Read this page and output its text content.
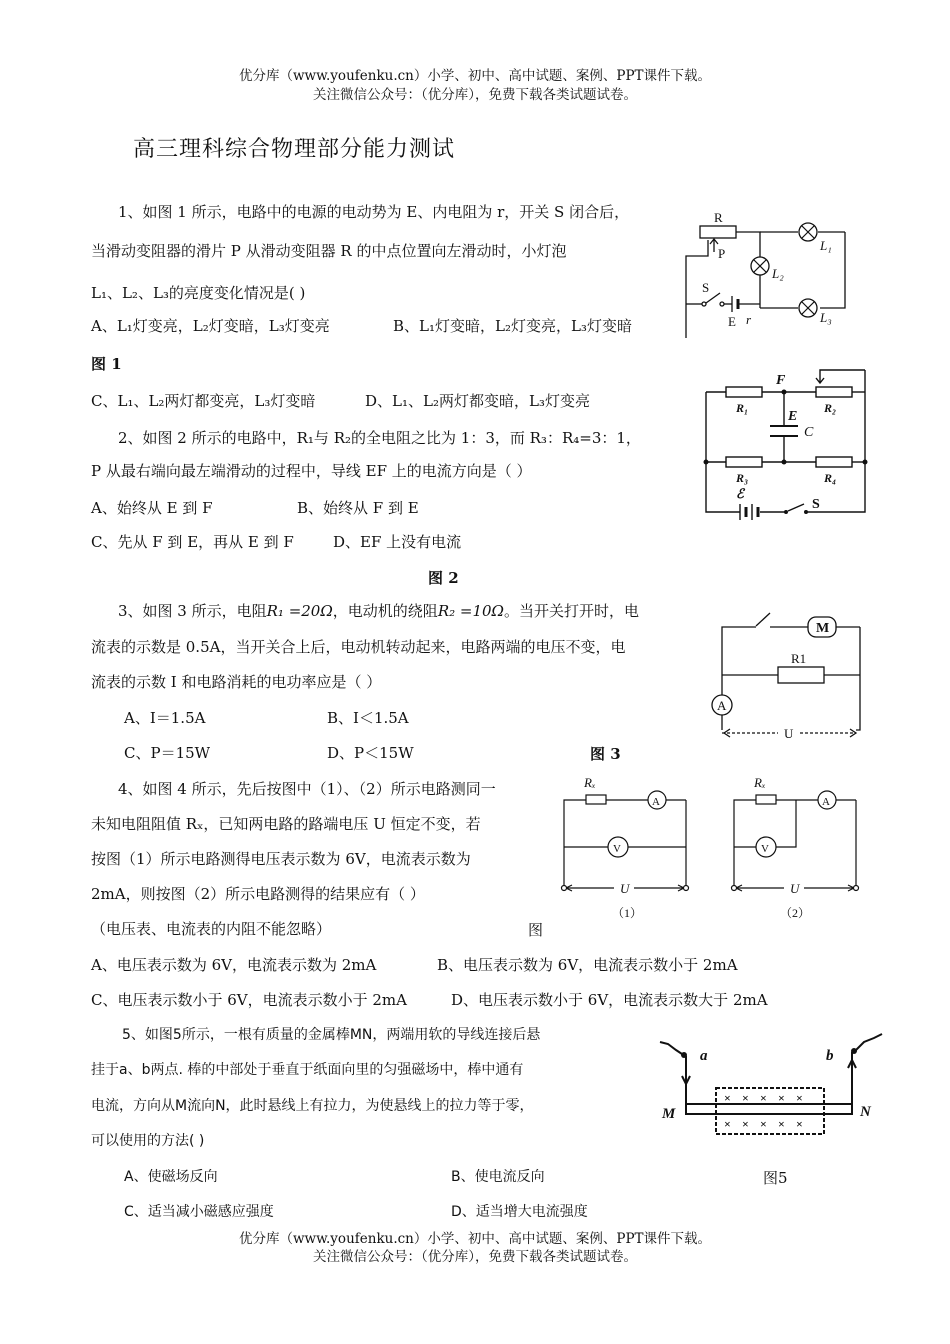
优分库（www.youfenku.cn）小学、初中、高中试题、案例、PPT课件下载。
关注微信公众号：（优分库），免费下载各类试题试卷。
高三理科综合物理部分能力测试
1、如图 1 所示，电路中的电源的电动势为 E、内电阻为 r，开关 S 闭合后，
当滑动变阻器的滑片 P 从滑动变阻器 R 的中点位置向左滑动时，小灯泡
L₁、L₂、L₃的亮度变化情况是( )
A、L₁灯变亮，L₂灯变暗，L₃灯变亮	B、L₁灯变暗，L₂灯变亮，L₃灯变暗
图 1
C、L₁、L₂两灯都变亮，L₃灯变暗	D、L₁、L₂两灯都变暗，L₃灯变亮
R
P
L₁
L₂
L₃
S
E r
2、如图 2 所示的电路中，R₁与 R₂的全电阻之比为 1：3，而 R₃：R₄=3：1，
P 从最右端向最左端滑动的过程中，导线 EF 上的电流方向是（ ）
A、始终从 E 到 F	B、始终从 F 到 E
C、先从 F 到 E，再从 E 到 F	D、EF 上没有电流
图 2
F
E
C
R₁	R₂
R₃	R₄
ℰ
S
3、如图 3 所示，电阻R₁ =20Ω，电动机的绕阻R₂ =10Ω。当开关打开时，电
流表的示数是 0.5A，当开关合上后，电动机转动起来，电路两端的电压不变，电
流表的示数 I 和电路消耗的电功率应是（ ）
A、I＝1.5A	B、I＜1.5A
C、P＝15W	D、P＜15W	图 3
M
R1
A
U
4、如图 4 所示，先后按图中（1）、（2）所示电路测同一
未知电阻阻值 Rₓ，已知两电路的路端电压 U 恒定不变，若
按图（1）所示电路测得电压表示数为 6V，电流表示数为
2mA，则按图（2）所示电路测得的结果应有（ ）
（电压表、电流表的内阻不能忽略）	图
A、电压表示数为 6V，电流表示数为 2mA	B、电压表示数为 6V，电流表示数小于 2mA
C、电压表示数小于 6V，电流表示数小于 2mA	D、电压表示数小于 6V，电流表示数大于 2mA
Rₓ
A
V
U
（1）
Rₓ
A
V
U
（2）
5、如图5所示，一根有质量的金属棒MN，两端用软的导线连接后悬
挂于a、b两点. 棒的中部处于垂直于纸面向里的匀强磁场中，棒中通有
电流，方向从M流向N，此时悬线上有拉力，为使悬线上的拉力等于零，
可以使用的方法( )
A、使磁场反向	B、使电流反向	图5
C、适当减小磁感应强度	D、适当增大电流强度
× × × × ×
× × × × ×
a	b
M	N
优分库（www.youfenku.cn）小学、初中、高中试题、案例、PPT课件下载。
关注微信公众号：（优分库），免费下载各类试题试卷。
